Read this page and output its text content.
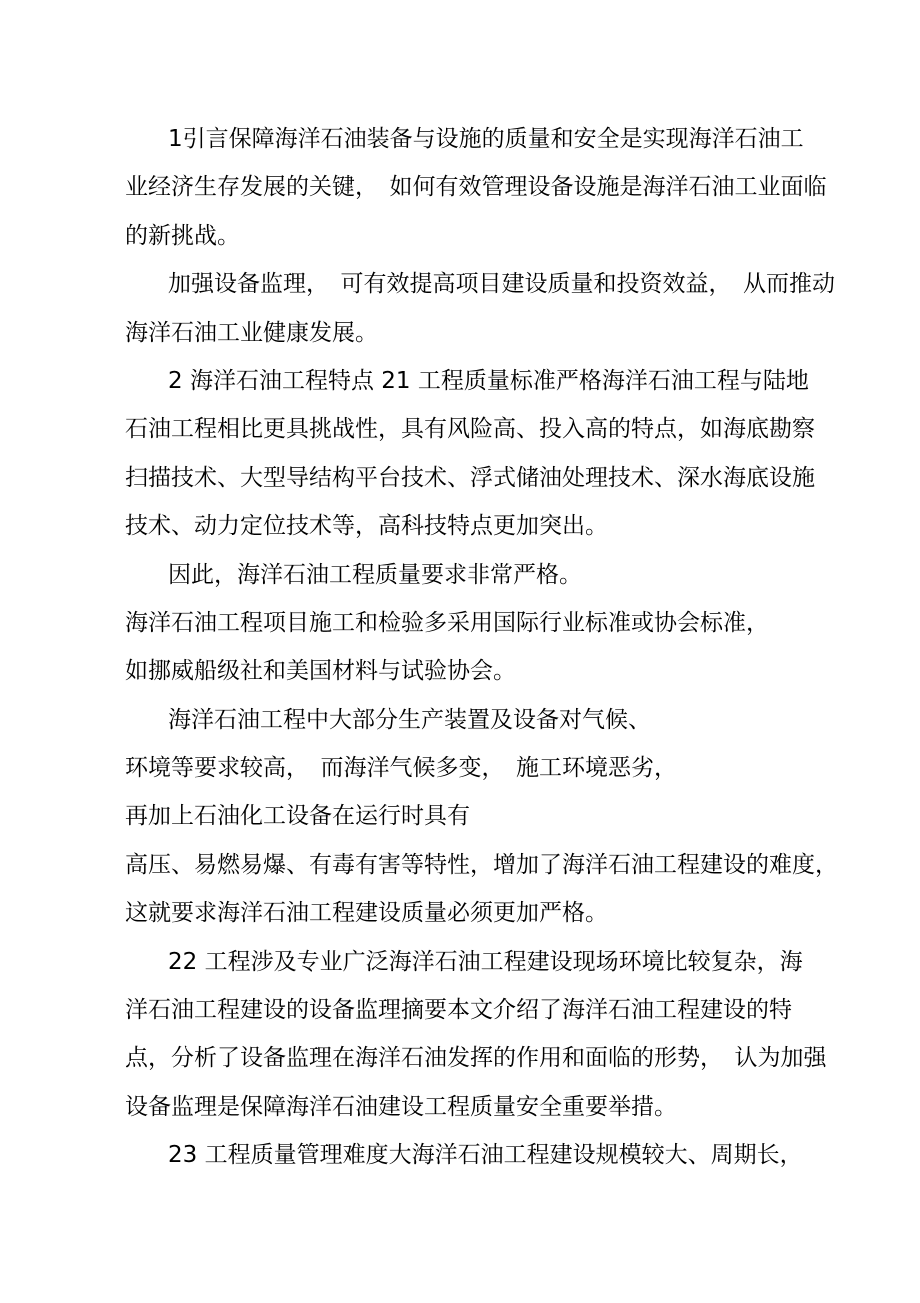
1引言保障海洋石油装备与设施的质量和安全是实现海洋石油工
业经济生存发展的关键，　如何有效管理设备设施是海洋石油工业面临
的新挑战。
加强设备监理，　可有效提高项目建设质量和投资效益，　从而推动
海洋石油工业健康发展。
2 海洋石油工程特点 21 工程质量标准严格海洋石油工程与陆地
石油工程相比更具挑战性，具有风险高、投入高的特点，如海底勘察
扫描技术、大型导结构平台技术、浮式储油处理技术、深水海底设施
技术、动力定位技术等，高科技特点更加突出。
因此，海洋石油工程质量要求非常严格。
海洋石油工程项目施工和检验多采用国际行业标准或协会标准，
如挪威船级社和美国材料与试验协会。
海洋石油工程中大部分生产装置及设备对气候、
环境等要求较高，　而海洋气候多变，　施工环境恶劣，
再加上石油化工设备在运行时具有
高压、易燃易爆、有毒有害等特性，增加了海洋石油工程建设的难度，
这就要求海洋石油工程建设质量必须更加严格。
22 工程涉及专业广泛海洋石油工程建设现场环境比较复杂，海
洋石油工程建设的设备监理摘要本文介绍了海洋石油工程建设的特
点，分析了设备监理在海洋石油发挥的作用和面临的形势，　认为加强
设备监理是保障海洋石油建设工程质量安全重要举措。
23 工程质量管理难度大海洋石油工程建设规模较大、周期长，
